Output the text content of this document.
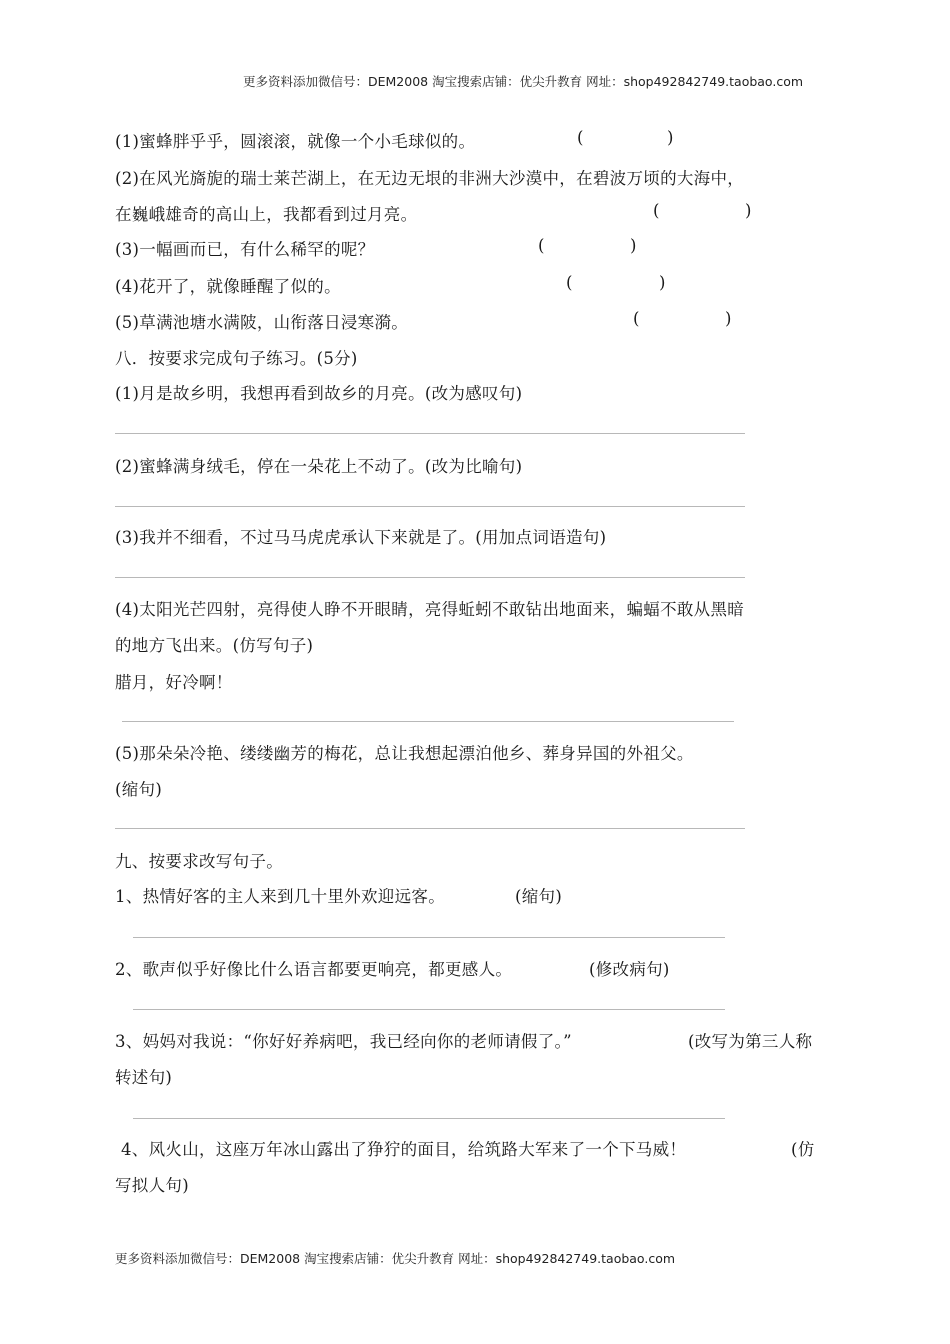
更多资料添加微信号：DEM2008 淘宝搜索店铺：优尖升教育 网址：shop492842749.taobao.com
(1)蜜蜂胖乎乎，圆滚滚，就像一个小毛球似的。	(	)
(2)在风光旖旎的瑞士莱芒湖上，在无边无垠的非洲大沙漠中，在碧波万顷的大海中，
在巍峨雄奇的高山上，我都看到过月亮。	(	)
(3)一幅画而已，有什么稀罕的呢？	(	)
(4)花开了，就像睡醒了似的。	(	)
(5)草满池塘水满陂，山衔落日浸寒漪。	(	)
八．按要求完成句子练习。(5分)
(1)月是故乡明，我想再看到故乡的月亮。(改为感叹句)
(2)蜜蜂满身绒毛，停在一朵花上不动了。(改为比喻句)
(3)我并不细看，不过马马虎虎承认下来就是了。(用加点词语造句)
(4)太阳光芒四射，亮得使人睁不开眼睛，亮得蚯蚓不敢钻出地面来，蝙蝠不敢从黑暗
的地方飞出来。(仿写句子)
腊月，好冷啊！
(5)那朵朵冷艳、缕缕幽芳的梅花，总让我想起漂泊他乡、葬身异国的外祖父。
(缩句)
九、按要求改写句子。
1、热情好客的主人来到几十里外欢迎远客。	(缩句)
2、歌声似乎好像比什么语言都要更响亮，都更感人。	(修改病句)
3、妈妈对我说：“你好好养病吧，我已经向你的老师请假了。”	(改写为第三人称
转述句)
4、风火山，这座万年冰山露出了狰狞的面目，给筑路大军来了一个下马威！	(仿
写拟人句)
更多资料添加微信号：DEM2008 淘宝搜索店铺：优尖升教育 网址：shop492842749.taobao.com
